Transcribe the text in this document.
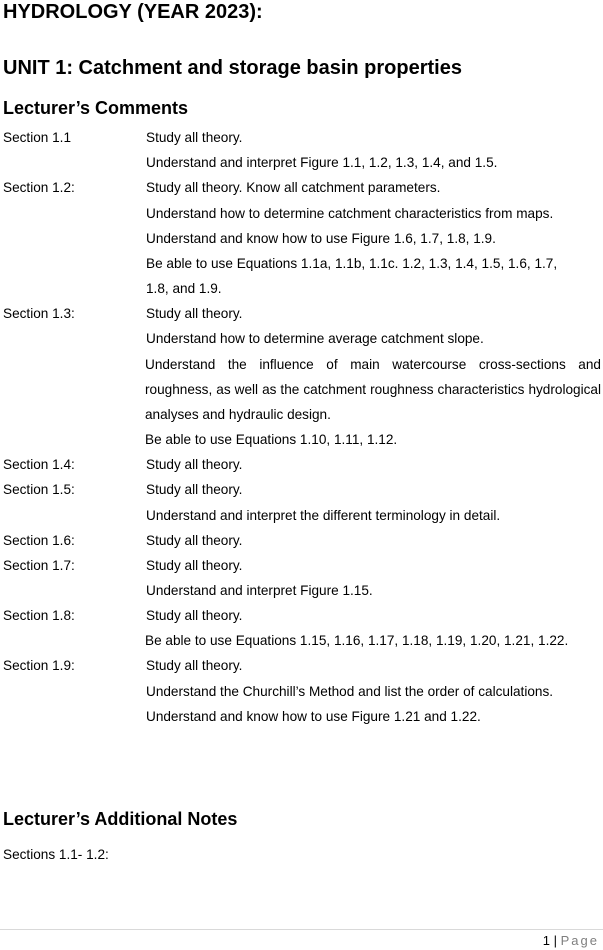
HYDROLOGY (YEAR 2023):
UNIT 1: Catchment and storage basin properties
Lecturer’s Comments
Section 1.1	Study all theory.
Understand and interpret Figure 1.1, 1.2, 1.3, 1.4, and 1.5.
Section 1.2:	Study all theory. Know all catchment parameters.
Understand how to determine catchment characteristics from maps.
Understand and know how to use Figure 1.6, 1.7, 1.8, 1.9.
Be able to use Equations 1.1a, 1.1b, 1.1c. 1.2, 1.3, 1.4, 1.5, 1.6, 1.7,
1.8, and 1.9.
Section 1.3:	Study all theory.
Understand how to determine average catchment slope.
Understand the influence of main watercourse cross-sections and roughness, as well as the catchment roughness characteristics hydrological analyses and hydraulic design.
Be able to use Equations 1.10, 1.11, 1.12.
Section 1.4:	Study all theory.
Section 1.5:	Study all theory.
Understand and interpret the different terminology in detail.
Section 1.6:	Study all theory.
Section 1.7:	Study all theory.
Understand and interpret Figure 1.15.
Section 1.8:	Study all theory.
Be able to use Equations 1.15, 1.16, 1.17, 1.18, 1.19, 1.20, 1.21, 1.22.
Section 1.9:	Study all theory.
Understand the Churchill’s Method and list the order of calculations.
Understand and know how to use Figure 1.21 and 1.22.
Lecturer’s Additional Notes
Sections 1.1- 1.2:
1 | Page
